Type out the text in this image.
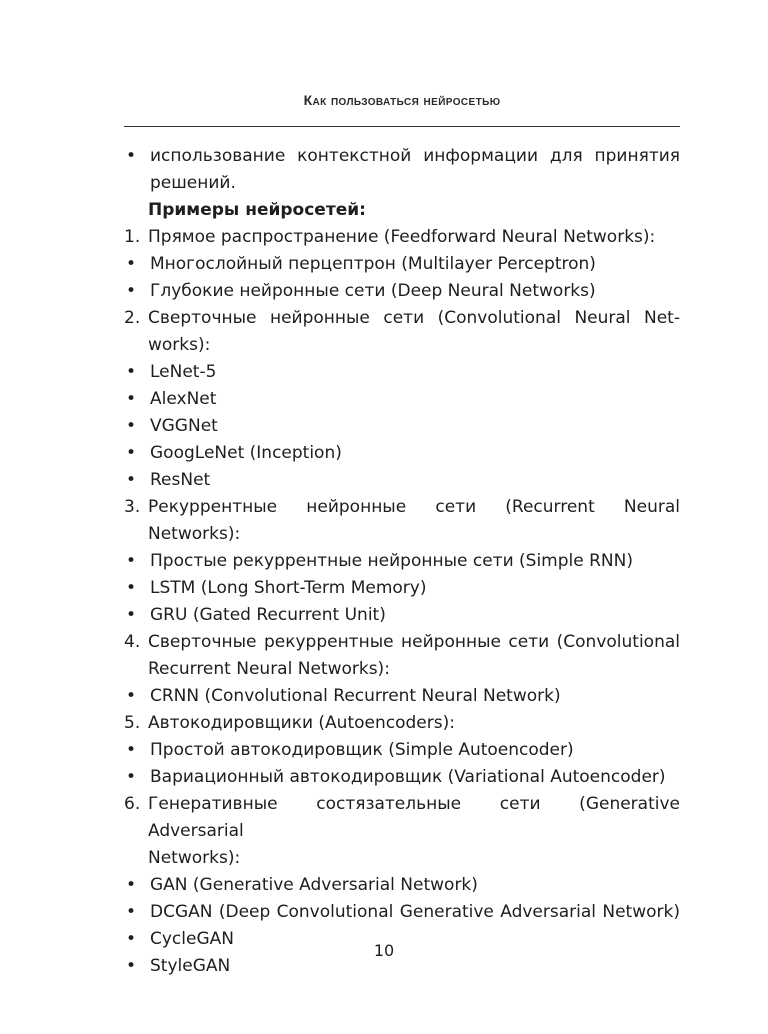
Как пользоваться нейросетью
• использование контекстной информации для принятия
решений.
Примеры нейросетей:
1. Прямое распространение (Feedforward Neural Networks):
• Многослойный перцептрон (Multilayer Perceptron)
• Глубокие нейронные сети (Deep Neural Networks)
2. Сверточные нейронные сети (Convolutional Neural Net-
works):
• LeNet-5
• AlexNet
• VGGNet
• GoogLeNet (Inception)
• ResNet
3. Рекуррентные нейронные сети (Recurrent Neural Networks):
• Простые рекуррентные нейронные сети (Simple RNN)
• LSTM (Long Short-Term Memory)
• GRU (Gated Recurrent Unit)
4. Сверточные рекуррентные нейронные сети (Convolutional
Recurrent Neural Networks):
• CRNN (Convolutional Recurrent Neural Network)
5. Автокодировщики (Autoencoders):
• Простой автокодировщик (Simple Autoencoder)
• Вариационный автокодировщик (Variational Autoencoder)
6. Генеративные состязательные сети (Generative Adversarial
Networks):
• GAN (Generative Adversarial Network)
• DCGAN (Deep Convolutional Generative Adversarial Network)
• CycleGAN
• StyleGAN
10
